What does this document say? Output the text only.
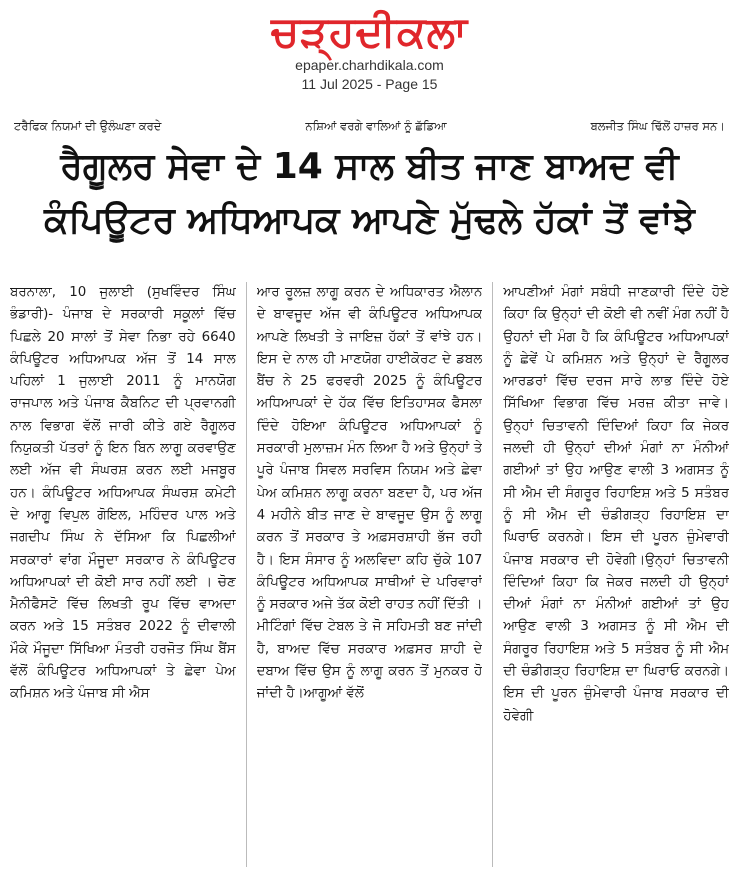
ਚੜ੍ਹਦੀਕਲਾ
epaper.charhdikala.com
11 Jul 2025 - Page 15
ਟਰੈਫਿਕ ਨਿਯਮਾਂ ਦੀ ਉਲੰਘਣਾ ਕਰਦੇ	ਨਸ਼ਿਆਂ ਵਰਗੇ ਵਾਲਿਆਂ ਨੂੰ ਛੱਡਿਆ	ਬਲਜੀਤ ਸਿੰਘ ਢਿੱਲੋਂ ਹਾਜ਼ਰ ਸਨ।
ਰੈਗੂਲਰ ਸੇਵਾ ਦੇ 14 ਸਾਲ ਬੀਤ ਜਾਣ ਬਾਅਦ ਵੀ
ਕੰਪਿਊਟਰ ਅਧਿਆਪਕ ਆਪਣੇ ਮੁੱਢਲੇ ਹੱਕਾਂ ਤੋਂ ਵਾਂਝੇ

ਬਰਨਾਲਾ, 10 ਜੁਲਾਈ (ਸੁਖਵਿੰਦਰ ਸਿੰਘ ਭੰਡਾਰੀ)- ਪੰਜਾਬ ਦੇ ਸਰਕਾਰੀ ਸਕੂਲਾਂ ਵਿੱਚ ਪਿਛਲੇ 20 ਸਾਲਾਂ ਤੋਂ ਸੇਵਾ ਨਿਭਾ ਰਹੇ 6640 ਕੰਪਿਊਟਰ ਅਧਿਆਪਕ ਅੱਜ ਤੋਂ 14 ਸਾਲ ਪਹਿਲਾਂ 1 ਜੁਲਾਈ 2011 ਨੂੰ ਮਾਨਯੋਗ ਰਾਜਪਾਲ ਅਤੇ ਪੰਜਾਬ ਕੈਬਨਿਟ ਦੀ ਪ੍ਰਵਾਨਗੀ ਨਾਲ ਵਿਭਾਗ ਵੱਲੋਂ ਜਾਰੀ ਕੀਤੇ ਗਏ ਰੈਗੂਲਰ ਨਿਯੁਕਤੀ ਪੱਤਰਾਂ ਨੂੰ ਇਨ ਬਿਨ ਲਾਗੂ ਕਰਵਾਉਣ ਲਈ ਅੱਜ ਵੀ ਸੰਘਰਸ਼ ਕਰਨ ਲਈ ਮਜਬੂਰ ਹਨ। ਕੰਪਿਊਟਰ ਅਧਿਆਪਕ ਸੰਘਰਸ਼ ਕਮੇਟੀ ਦੇ ਆਗੂ ਵਿਪੁਲ ਗੋਇਲ, ਮਹਿੰਦਰ ਪਾਲ ਅਤੇ ਜਗਦੀਪ ਸਿੰਘ ਨੇ ਦੱਸਿਆ ਕਿ ਪਿਛਲੀਆਂ ਸਰਕਾਰਾਂ ਵਾਂਗ ਮੌਜੂਦਾ ਸਰਕਾਰ ਨੇ ਕੰਪਿਊਟਰ ਅਧਿਆਪਕਾਂ ਦੀ ਕੋਈ ਸਾਰ ਨਹੀਂ ਲਈ । ਚੋਣ ਮੈਨੀਫੈਸਟੋ ਵਿੱਚ ਲਿਖਤੀ ਰੂਪ ਵਿੱਚ ਵਾਅਦਾ ਕਰਨ ਅਤੇ 15 ਸਤੰਬਰ 2022 ਨੂੰ ਦੀਵਾਲੀ ਮੌਕੇ ਮੌਜੂਦਾ ਸਿੱਖਿਆ ਮੰਤਰੀ ਹਰਜੋਤ ਸਿੰਘ ਬੈਂਸ ਵੱਲੋਂ ਕੰਪਿਊਟਰ ਅਧਿਆਪਕਾਂ ਤੇ ਛੇਵਾ ਪੇਅ ਕਮਿਸ਼ਨ ਅਤੇ ਪੰਜਾਬ ਸੀ ਐਸ

ਆਰ ਰੂਲਜ਼ ਲਾਗੂ ਕਰਨ ਦੇ ਅਧਿਕਾਰਤ ਐਲਾਨ ਦੇ ਬਾਵਜੂਦ ਅੱਜ ਵੀ ਕੰਪਿਊਟਰ ਅਧਿਆਪਕ ਆਪਣੇ ਲਿਖਤੀ ਤੇ ਜਾਇਜ਼ ਹੱਕਾਂ ਤੋਂ ਵਾਂਝੇ ਹਨ। ਇਸ ਦੇ ਨਾਲ ਹੀ ਮਾਣਯੋਗ ਹਾਈਕੋਰਟ ਦੇ ਡਬਲ ਬੈਂਚ ਨੇ 25 ਫਰਵਰੀ 2025 ਨੂੰ ਕੰਪਿਊਟਰ ਅਧਿਆਪਕਾਂ ਦੇ ਹੱਕ ਵਿੱਚ ਇਤਿਹਾਸਕ ਫੈਸਲਾ ਦਿੰਦੇ ਹੋਇਆ ਕੰਪਿਊਟਰ ਅਧਿਆਪਕਾਂ ਨੂੰ ਸਰਕਾਰੀ ਮੁਲਾਜ਼ਮ ਮੰਨ ਲਿਆ ਹੈ ਅਤੇ ਉਨ੍ਹਾਂ ਤੇ ਪੂਰੇ ਪੰਜਾਬ ਸਿਵਲ ਸਰਵਿਸ ਨਿਯਮ ਅਤੇ ਛੇਵਾ ਪੇਅ ਕਮਿਸ਼ਨ ਲਾਗੂ ਕਰਨਾ ਬਣਦਾ ਹੈ, ਪਰ ਅੱਜ 4 ਮਹੀਨੇ ਬੀਤ ਜਾਣ ਦੇ ਬਾਵਜੂਦ ਉਸ ਨੂੰ ਲਾਗੂ ਕਰਨ ਤੋਂ ਸਰਕਾਰ ਤੇ ਅਫ਼ਸਰਸ਼ਾਹੀ ਭੱਜ ਰਹੀ ਹੈ। ਇਸ ਸੰਸਾਰ ਨੂੰ ਅਲਵਿਦਾ ਕਹਿ ਚੁੱਕੇ 107 ਕੰਪਿਊਟਰ ਅਧਿਆਪਕ ਸਾਥੀਆਂ ਦੇ ਪਰਿਵਾਰਾਂ ਨੂੰ ਸਰਕਾਰ ਅਜੇ ਤੱਕ ਕੋਈ ਰਾਹਤ ਨਹੀਂ ਦਿੱਤੀ । ਮੀਟਿੰਗਾਂ ਵਿੱਚ ਟੇਬਲ ਤੇ ਜੋ ਸਹਿਮਤੀ ਬਣ ਜਾਂਦੀ ਹੈ, ਬਾਅਦ ਵਿੱਚ ਸਰਕਾਰ ਅਫ਼ਸਰ ਸ਼ਾਹੀ ਦੇ ਦਬਾਅ ਵਿੱਚ ਉਸ ਨੂੰ ਲਾਗੂ ਕਰਨ ਤੋਂ ਮੁਨਕਰ ਹੋ ਜਾਂਦੀ ਹੈ।ਆਗੂਆਂ ਵੱਲੋਂ

ਆਪਣੀਆਂ ਮੰਗਾਂ ਸਬੰਧੀ ਜਾਣਕਾਰੀ ਦਿੰਦੇ ਹੋਏ ਕਿਹਾ ਕਿ ਉਨ੍ਹਾਂ ਦੀ ਕੋਈ ਵੀ ਨਵੀਂ ਮੰਗ ਨਹੀਂ ਹੈ ਉਹਨਾਂ ਦੀ ਮੰਗ ਹੈ ਕਿ ਕੰਪਿਊਟਰ ਅਧਿਆਪਕਾਂ ਨੂੰ ਛੇਵੇਂ ਪੇ ਕਮਿਸ਼ਨ ਅਤੇ ਉਨ੍ਹਾਂ ਦੇ ਰੈਗੂਲਰ ਆਰਡਰਾਂ ਵਿੱਚ ਦਰਜ ਸਾਰੇ ਲਾਭ ਦਿੰਦੇ ਹੋਏ ਸਿੱਖਿਆ ਵਿਭਾਗ ਵਿੱਚ ਮਰਜ਼ ਕੀਤਾ ਜਾਵੇ। ਉਨ੍ਹਾਂ ਚਿਤਾਵਨੀ ਦਿੰਦਿਆਂ ਕਿਹਾ ਕਿ ਜੇਕਰ ਜਲਦੀ ਹੀ ਉਨ੍ਹਾਂ ਦੀਆਂ ਮੰਗਾਂ ਨਾ ਮੰਨੀਆਂ ਗਈਆਂ ਤਾਂ ਉਹ ਆਉਣ ਵਾਲੀ 3 ਅਗਸਤ ਨੂੰ ਸੀ ਐਮ ਦੀ ਸੰਗਰੂਰ ਰਿਹਾਇਸ਼ ਅਤੇ 5 ਸਤੰਬਰ ਨੂੰ ਸੀ ਐਮ ਦੀ ਚੰਡੀਗੜ੍ਹ ਰਿਹਾਇਸ਼ ਦਾ ਘਿਰਾਓ ਕਰਨਗੇ। ਇਸ ਦੀ ਪੂਰਨ ਜ਼ੁੰਮੇਵਾਰੀ ਪੰਜਾਬ ਸਰਕਾਰ ਦੀ ਹੋਵੇਗੀ।ਉਨ੍ਹਾਂ ਚਿਤਾਵਨੀ ਦਿੰਦਿਆਂ ਕਿਹਾ ਕਿ ਜੇਕਰ ਜਲਦੀ ਹੀ ਉਨ੍ਹਾਂ ਦੀਆਂ ਮੰਗਾਂ ਨਾ ਮੰਨੀਆਂ ਗਈਆਂ ਤਾਂ ਉਹ ਆਉਣ ਵਾਲੀ 3 ਅਗਸਤ ਨੂੰ ਸੀ ਐਮ ਦੀ ਸੰਗਰੂਰ ਰਿਹਾਇਸ਼ ਅਤੇ 5 ਸਤੰਬਰ ਨੂੰ ਸੀ ਐਮ ਦੀ ਚੰਡੀਗੜ੍ਹ ਰਿਹਾਇਸ਼ ਦਾ ਘਿਰਾਓ ਕਰਨਗੇ। ਇਸ ਦੀ ਪੂਰਨ ਜ਼ੁੰਮੇਵਾਰੀ ਪੰਜਾਬ ਸਰਕਾਰ ਦੀ ਹੋਵੇਗੀ
